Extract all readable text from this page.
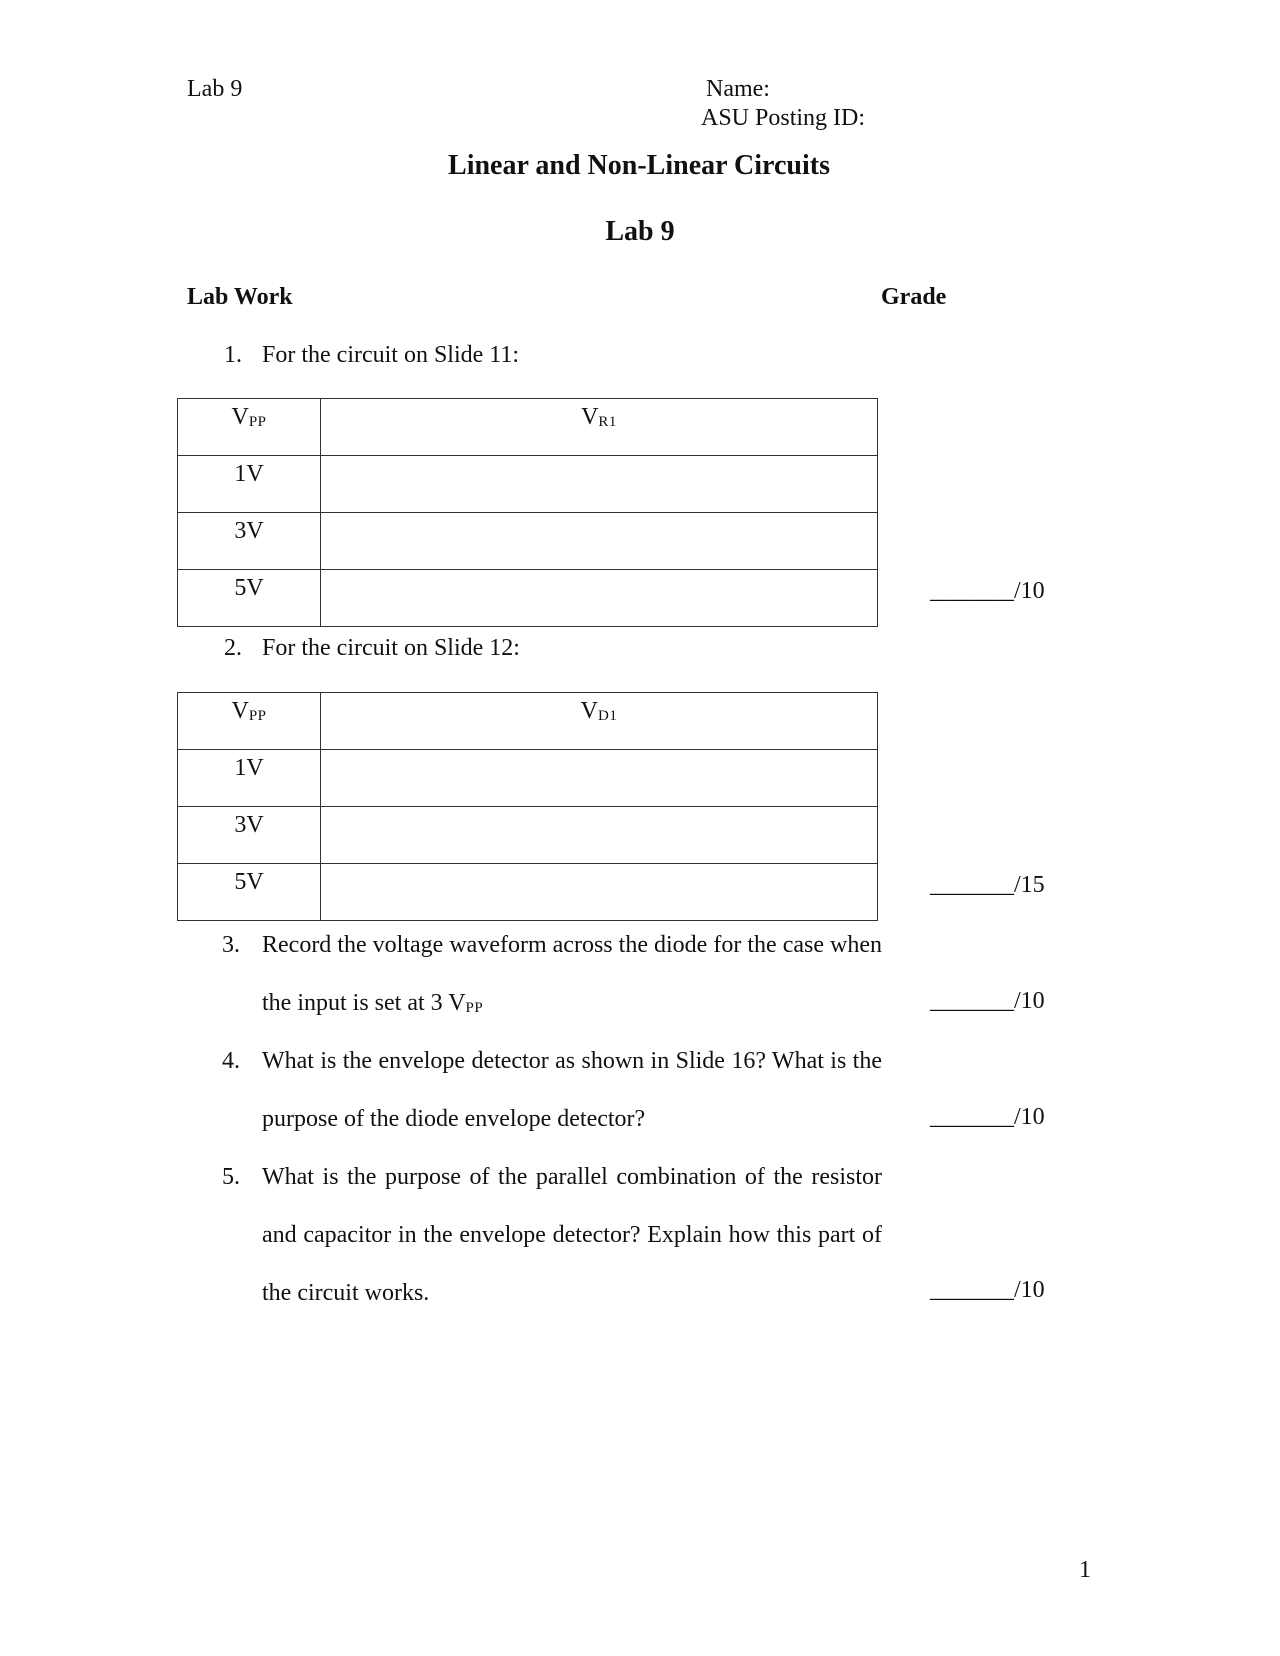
Lab 9	Name:
ASU Posting ID:
Linear and Non-Linear Circuits
Lab 9
Lab Work	Grade
1. For the circuit on Slide 11:
$V_{PP}$	$V_{R1}$

1V	

3V	

5V	
		_______/10
2. For the circuit on Slide 12:
$V_{PP}$	$V_{D1}$

1V	

3V	

5V	
		_______/15
3. Record the voltage waveform across the diode for the case when the input is set at 3 $V_{PP}$	_______/10
4. What is the envelope detector as shown in Slide 16? What is the purpose of the diode envelope detector?	_______/10
5. What is the purpose of the parallel combination of the resistor and capacitor in the envelope detector? Explain how this part of the circuit works.	_______/10
1
